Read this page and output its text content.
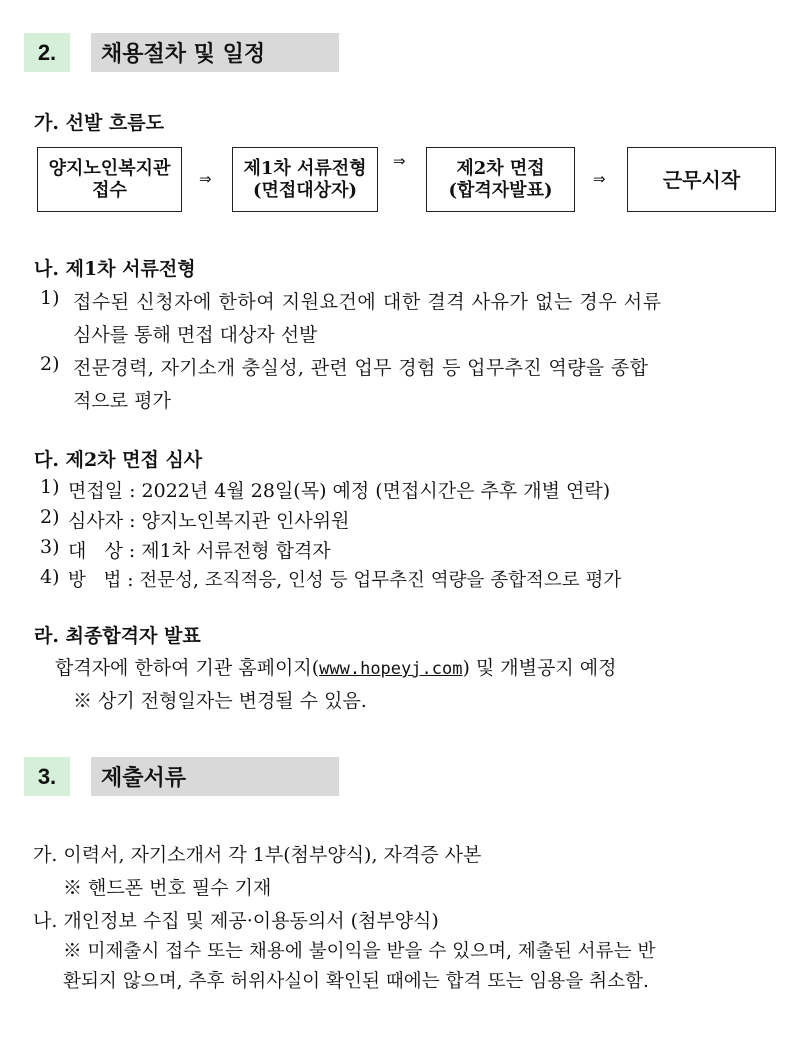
2.	채용절차 및 일정
가. 선발 흐름도
양지노인복지관
접수
⇒
제1차 서류전형
(면접대상자)
⇒	제2차 면접
(합격자발표)
⇒	근무시작
나. 제1차 서류전형
1) 접수된 신청자에 한하여 지원요건에 대한 결격 사유가 없는 경우 서류
심사를 통해 면접 대상자 선발
2) 전문경력, 자기소개 충실성, 관련 업무 경험 등 업무추진 역량을 종합
적으로 평가
다. 제2차 면접 심사
1) 면접일 : 2022년 4월 28일(목) 예정 (면접시간은 추후 개별 연락)
2) 심사자 : 양지노인복지관 인사위원
3) 대   상 : 제1차 서류전형 합격자
4) 방   법 : 전문성, 조직적응, 인성 등 업무추진 역량을 종합적으로 평가
라. 최종합격자 발표
합격자에 한하여 기관 홈페이지(www.hopeyj.com) 및 개별공지 예정
※ 상기 전형일자는 변경될 수 있음.
3.	제출서류
가. 이력서, 자기소개서 각 1부(첨부양식), 자격증 사본
※ 핸드폰 번호 필수 기재
나. 개인정보 수집 및 제공·이용동의서 (첨부양식)
※ 미제출시 접수 또는 채용에 불이익을 받을 수 있으며, 제출된 서류는 반
환되지 않으며, 추후 허위사실이 확인된 때에는 합격 또는 임용을 취소함.
